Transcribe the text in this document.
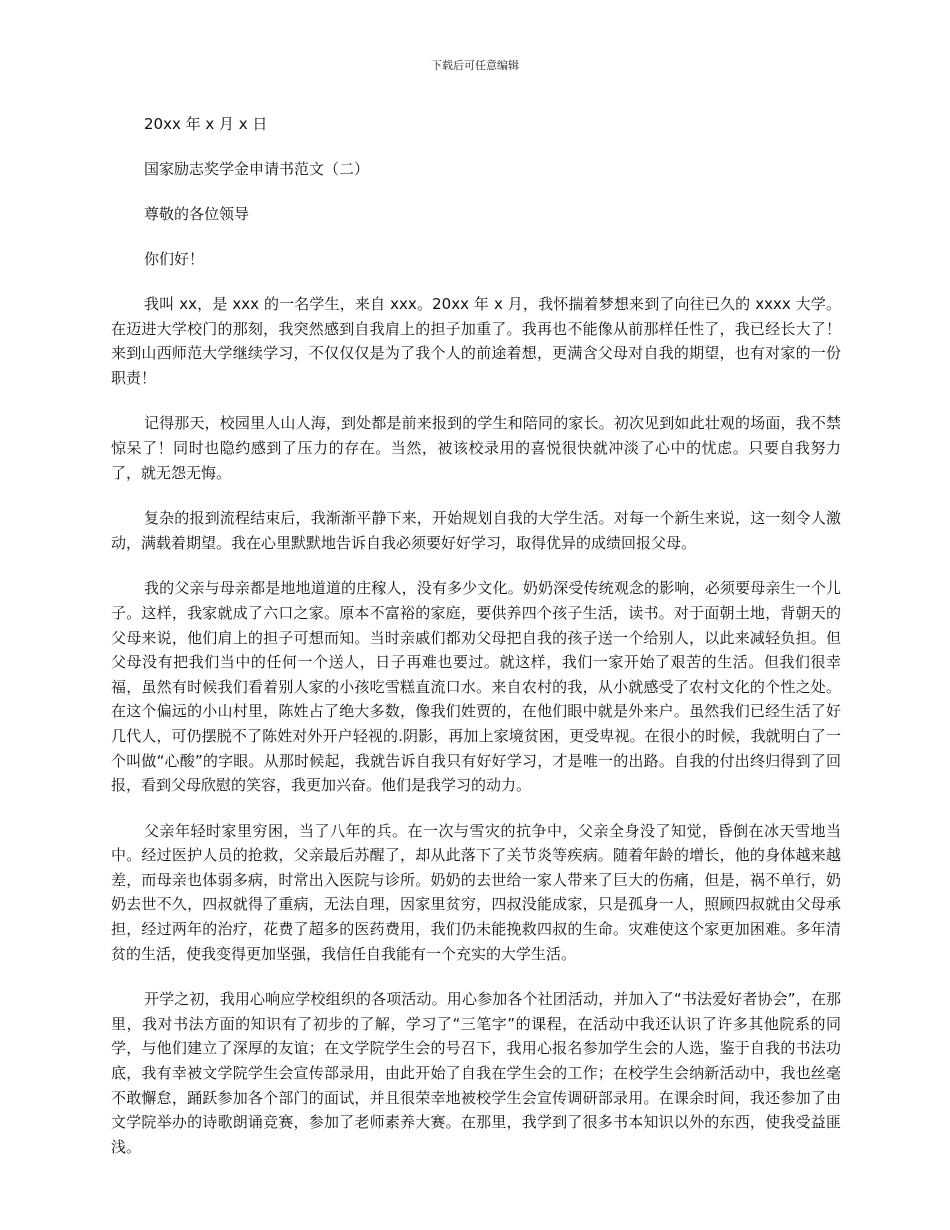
下载后可任意编辑

20xx 年 x 月 x 日

国家励志奖学金申请书范文（二）

尊敬的各位领导

你们好！

我叫 xx，是 xxx 的一名学生，来自 xxx。20xx 年 x 月，我怀揣着梦想来到了向往已久的 xxxx 大学。在迈进大学校门的那刻，我突然感到自我肩上的担子加重了。我再也不能像从前那样任性了，我已经长大了！来到山西师范大学继续学习，不仅仅仅是为了我个人的前途着想，更满含父母对自我的期望，也有对家的一份职责！

记得那天，校园里人山人海，到处都是前来报到的学生和陪同的家长。初次见到如此壮观的场面，我不禁惊呆了！同时也隐约感到了压力的存在。当然，被该校录用的喜悦很快就冲淡了心中的忧虑。只要自我努力了，就无怨无悔。

复杂的报到流程结束后，我渐渐平静下来，开始规划自我的大学生活。对每一个新生来说，这一刻令人激动，满载着期望。我在心里默默地告诉自我必须要好好学习，取得优异的成绩回报父母。

我的父亲与母亲都是地地道道的庄稼人，没有多少文化。奶奶深受传统观念的影响，必须要母亲生一个儿子。这样，我家就成了六口之家。原本不富裕的家庭，要供养四个孩子生活，读书。对于面朝土地，背朝天的父母来说，他们肩上的担子可想而知。当时亲戚们都劝父母把自我的孩子送一个给别人，以此来减轻负担。但父母没有把我们当中的任何一个送人，日子再难也要过。就这样，我们一家开始了艰苦的生活。但我们很幸福，虽然有时候我们看着别人家的小孩吃雪糕直流口水。来自农村的我，从小就感受了农村文化的个性之处。在这个偏远的小山村里，陈姓占了绝大多数，像我们姓贾的，在他们眼中就是外来户。虽然我们已经生活了好几代人，可仍摆脱不了陈姓对外开户轻视的.阴影，再加上家境贫困，更受卑视。在很小的时候，我就明白了一个叫做“心酸”的字眼。从那时候起，我就告诉自我只有好好学习，才是唯一的出路。自我的付出终归得到了回报，看到父母欣慰的笑容，我更加兴奋。他们是我学习的动力。

父亲年轻时家里穷困，当了八年的兵。在一次与雪灾的抗争中，父亲全身没了知觉，昏倒在冰天雪地当中。经过医护人员的抢救，父亲最后苏醒了，却从此落下了关节炎等疾病。随着年龄的增长，他的身体越来越差，而母亲也体弱多病，时常出入医院与诊所。奶奶的去世给一家人带来了巨大的伤痛，但是，祸不单行，奶奶去世不久，四叔就得了重病，无法自理，因家里贫穷，四叔没能成家，只是孤身一人，照顾四叔就由父母承担，经过两年的治疗，花费了超多的医药费用，我们仍未能挽救四叔的生命。灾难使这个家更加困难。多年清贫的生活，使我变得更加坚强，我信任自我能有一个充实的大学生活。

开学之初，我用心响应学校组织的各项活动。用心参加各个社团活动，并加入了“书法爱好者协会”，在那里，我对书法方面的知识有了初步的了解，学习了“三笔字”的课程，在活动中我还认识了许多其他院系的同学，与他们建立了深厚的友谊；在文学院学生会的号召下，我用心报名参加学生会的人选，鉴于自我的书法功底，我有幸被文学院学生会宣传部录用，由此开始了自我在学生会的工作；在校学生会纳新活动中，我也丝毫不敢懈怠，踊跃参加各个部门的面试，并且很荣幸地被校学生会宣传调研部录用。在课余时间，我还参加了由文学院举办的诗歌朗诵竞赛，参加了老师素养大赛。在那里，我学到了很多书本知识以外的东西，使我受益匪浅。
